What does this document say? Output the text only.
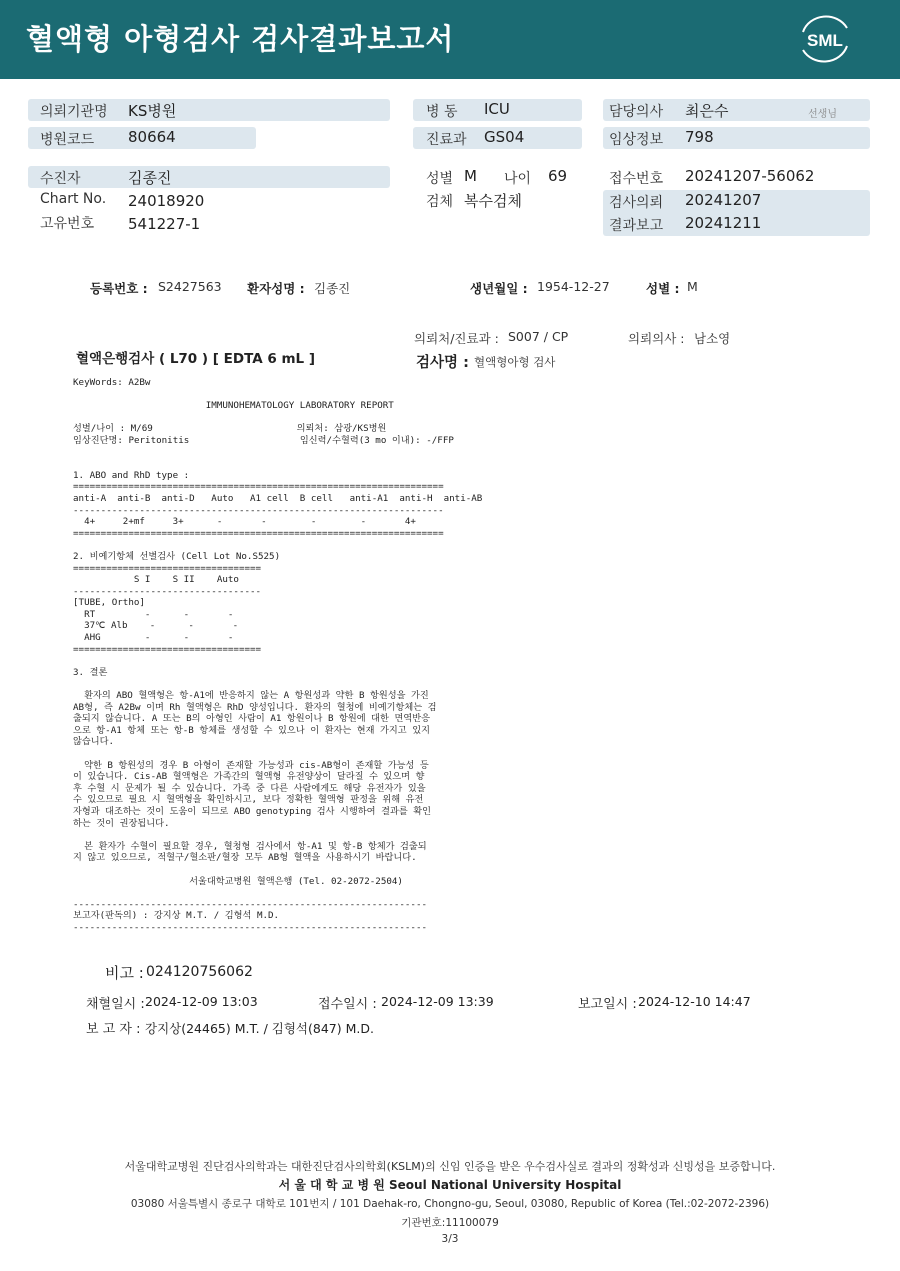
혈액형 아형검사 검사결과보고서	SML
의뢰기관명 KS병원
병원코드 80664
병 동 ICU
진료과 GS04
담당의사 최은수	선생님
임상정보 798
수진자	김종진
Chart No. 24018920
고유번호 541227-1
성별 M 나이 69
검체 복수검체
접수번호 20241207-56062
검사의뢰 20241207
결과보고 20241211
등록번호 : S2427563 환자성명 : 김종진	생년월일 : 1954-12-27	성별 : M
의뢰처/진료과 : S007 / CP	의뢰의사 : 남소영
혈액은행검사 ( L70 ) [ EDTA 6 mL ]	검사명 : 혈액형아형 검사
KeyWords: A2Bw

IMMUNOHEMATOLOGY LABORATORY REPORT

성별/나이 : M/69                          의뢰처: 삼광/KS병원
임상진단명: Peritonitis                    임신력/수혈력(3 mo 이내): -/FFP

1. ABO and RhD type :
===================================================================
anti-A  anti-B  anti-D   Auto   A1 cell  B cell   anti-A1  anti-H  anti-AB
-------------------------------------------------------------------
4+     2+mf     3+      -       -        -        -       4+
===================================================================

2. 비예기항체 선별검사 (Cell Lot No.S525)
==================================
S I    S II    Auto
----------------------------------
[TUBE, Ortho]
RT         -      -       -
37℃ Alb    -      -       -
AHG        -      -       -
==================================

3. 결론

환자의 ABO 혈액형은 항-A1에 반응하지 않는 A 항원성과 약한 B 항원성을 가진
AB형, 즉 A2Bw 이며 Rh 혈액형은 RhD 양성입니다. 환자의 혈청에 비예기항체는 검
출되지 않습니다. A 또는 B의 아형인 사람이 A1 항원이나 B 항원에 대한 면역반응
으로 항-A1 항체 또는 항-B 항체를 생성할 수 있으나 이 환자는 현재 가지고 있지
않습니다.

약한 B 항원성의 경우 B 아형이 존재할 가능성과 cis-AB형이 존재할 가능성 등
이 있습니다. Cis-AB 혈액형은 가족간의 혈액형 유전양상이 달라질 수 있으며 향
후 수혈 시 문제가 될 수 있습니다. 가족 중 다른 사람에게도 해당 유전자가 있을
수 있으므로 필요 시 혈액형을 확인하시고, 보다 정확한 혈액형 판정을 위해 유전
자형과 대조하는 것이 도움이 되므로 ABO genotyping 검사 시행하여 결과를 확인
하는 것이 권장됩니다.

본 환자가 수혈이 필요할 경우, 혈청형 검사에서 항-A1 및 항-B 항체가 검출되
지 않고 있으므로, 적혈구/혈소판/혈장 모두 AB형 혈액을 사용하시기 바랍니다.

서울대학교병원 혈액은행 (Tel. 02-2072-2504)

----------------------------------------------------------------
보고자(판독의) : 강지상 M.T. / 김형석 M.D.
----------------------------------------------------------------
비고 : 024120756062
채혈일시 : 2024-12-09 13:03	접수일시 : 2024-12-09 13:39	보고일시 : 2024-12-10 14:47
보 고 자 : 강지상(24465) M.T. / 김형석(847) M.D.
서울대학교병원 진단검사의학과는 대한진단검사의학회(KSLM)의 신임 인증을 받은 우수검사실로 결과의 정확성과 신빙성을 보증합니다.
서 울 대 학 교 병 원 Seoul National University Hospital
03080 서울특별시 종로구 대학로 101번지 / 101 Daehak-ro, Chongno-gu, Seoul, 03080, Republic of Korea (Tel.:02-2072-2396)
기관번호:11100079
3/3
